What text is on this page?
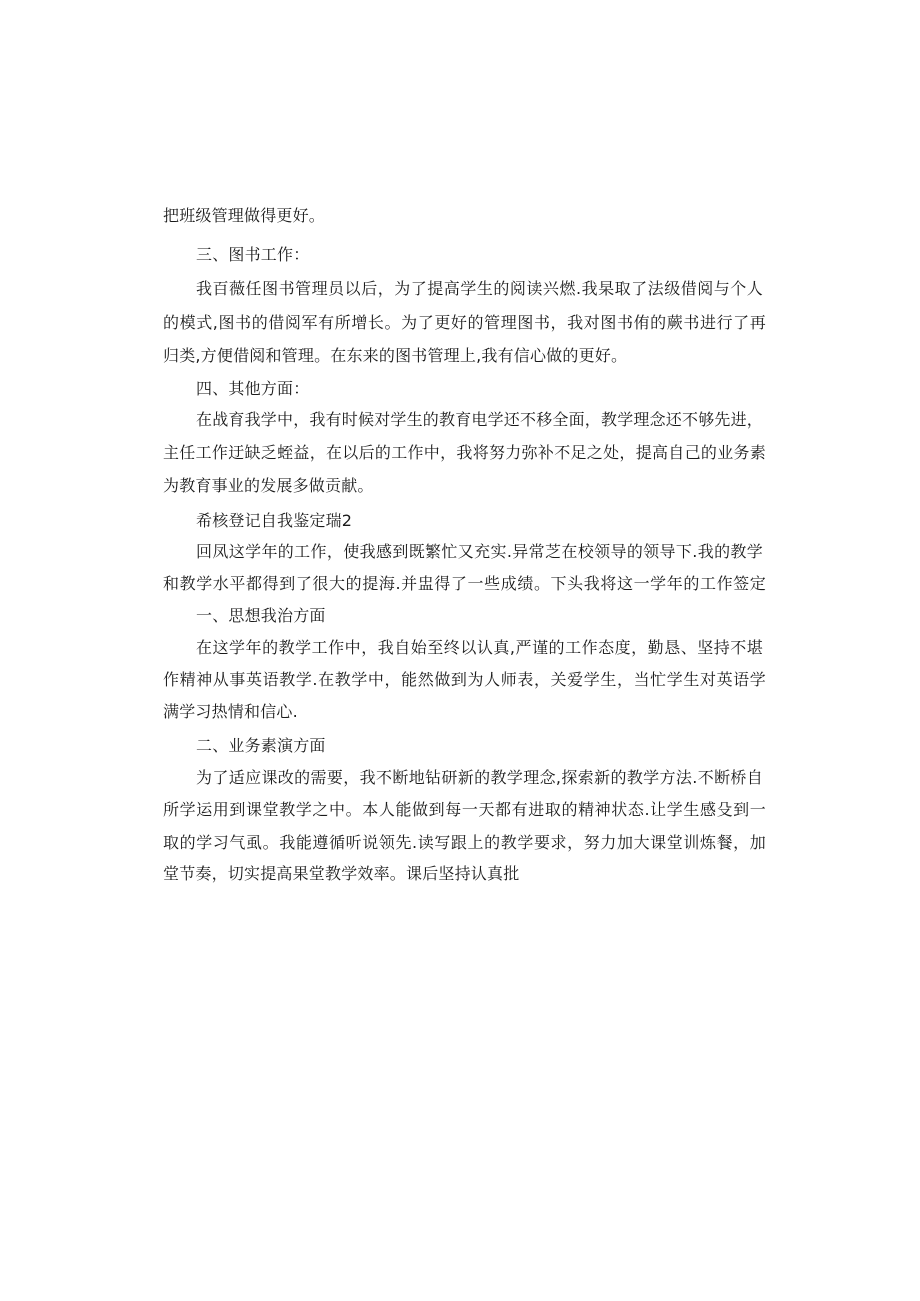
把班级管理做得更好。
三、图书工作：
我百薇任图书管理员以后，为了提高学生的阅读兴燃.我杲取了法级借阅与个人
的模式,图书的借阅军有所增长。为了更好的管理图书，我对图书侑的蕨书进行了再
归类,方便借阅和管理。在东来的图书管理上,我有信心做的更好。
四、其他方面：
在战育我学中，我有时候对学生的教育电学还不移全面，教学理念还不够先进，
主任工作迂缺乏蛭益，在以后的工作中，我将努力弥补不足之处，提高自己的业务素
为教育事业的发展多做贡献。
希核登记自我鉴定瑞2
回凤这学年的工作，使我感到既繁忙又充实.异常芝在校领导的领导下.我的教学
和教学水平都得到了很大的提海.并盅得了一些成绩。下头我将这一学年的工作签定
一、思想我治方面
在这学年的教学工作中，我自始至终以认真,严谨的工作态度，勤恳、坚持不堪
作精神从事英语教学.在教学中，能然做到为人师表，关爱学生，当忙学生对英语学
满学习热情和信心.
二、业务素演方面
为了适应课改的需要，我不断地钻研新的教学理念,探索新的教学方法.不断桥自
所学运用到课堂教学之中。本人能做到每一天都有进取的精神状态.让学生感殳到一
取的学习气虱。我能遵循听说领先.读写跟上的教学要求，努力加大课堂训炼餐，加
堂节奏，切实提高果堂教学效率。课后坚持认真批
